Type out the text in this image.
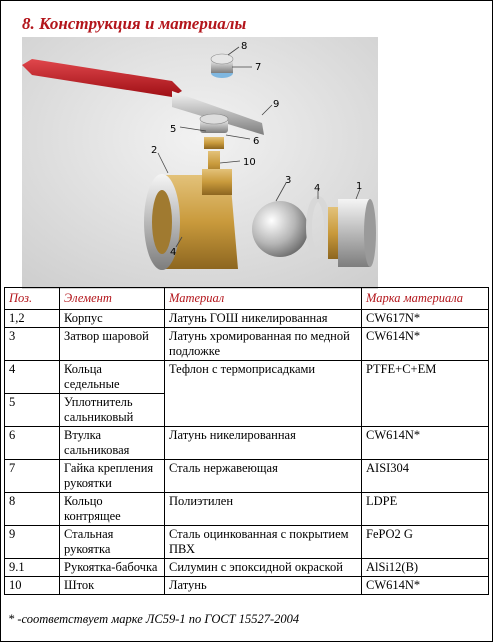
8. Конструкция и материалы
8
7
9
5
6
2
10
3
4	1
4
Поз.	Элемент	Материал	Марка материала
1,2	Корпус	Латунь ГОШ никелированная	CW617N*
3	Затвор шаровой	Латунь хромированная по медной подложке	CW614N*
4	Кольца седельные	Тефлон с термоприсадками	PTFE+C+EM
5	Уплотнитель сальниковый		
6	Втулка сальниковая	Латунь никелированная	CW614N*
7	Гайка крепления рукоятки	Сталь нержавеющая	AISI304
8	Кольцо контрящее	Полиэтилен	LDPE
9	Стальная рукоятка	Сталь оцинкованная с покрытием ПВХ	FePO2 G
9.1	Рукоятка-бабочка	Силумин с эпоксидной окраской	AlSi12(B)
10	Шток	Латунь	CW614N*
* -соответствует марке ЛС59-1 по ГОСТ 15527-2004
